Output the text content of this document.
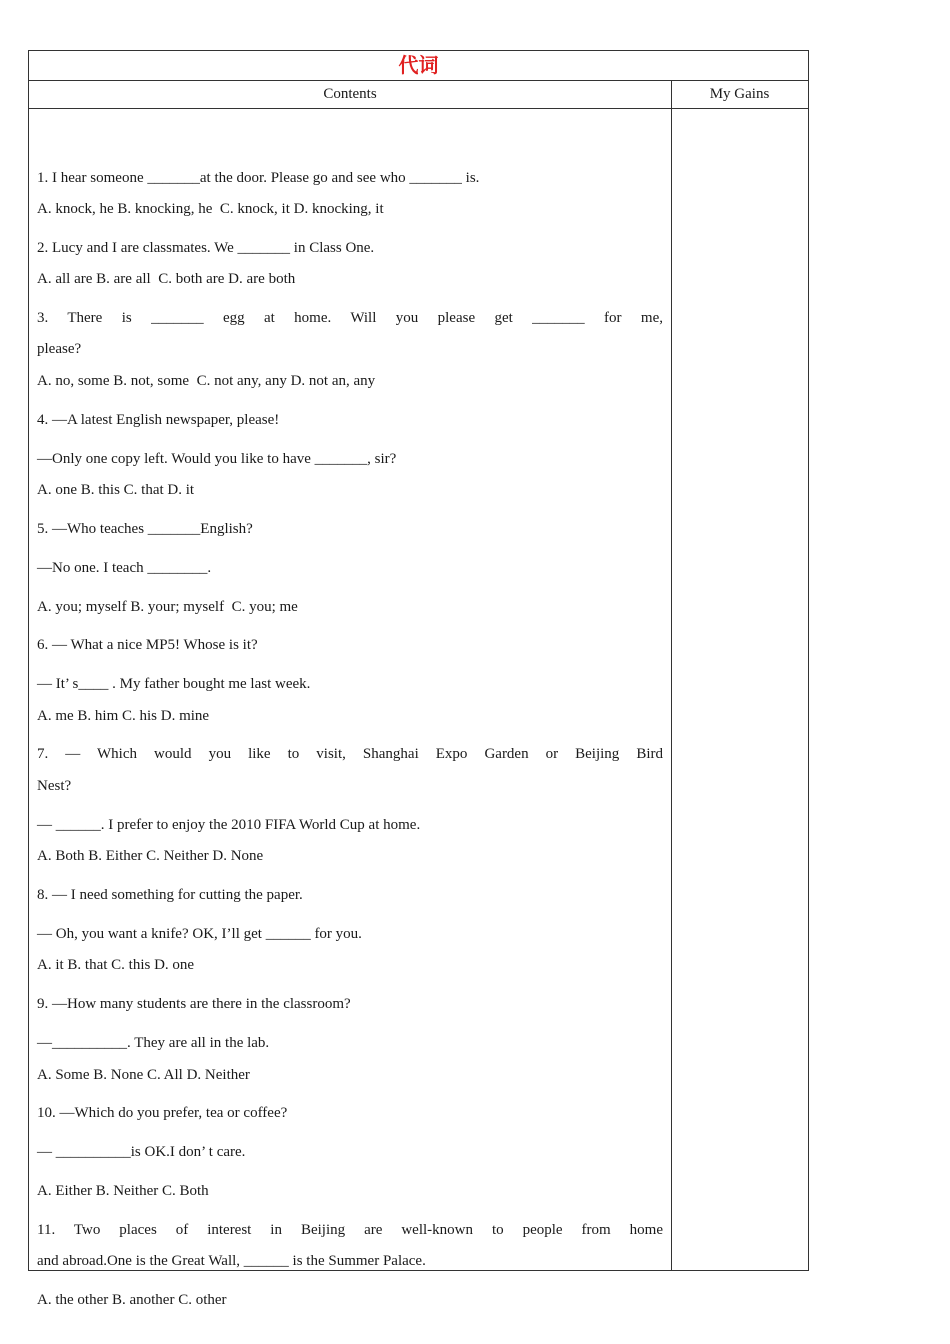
代词
Contents	My Gains
1. I hear someone _______at the door. Please go and see who _______ is.
A. knock, he B. knocking, he  C. knock, it D. knocking, it
2. Lucy and I are classmates. We _______ in Class One.
A. all are B. are all  C. both are D. are both
3. There is _______ egg at home. Will you please get _______ for me,
please?
A. no, some B. not, some  C. not any, any D. not an, any
4. —A latest English newspaper, please!
—Only one copy left. Would you like to have _______, sir?
A. one B. this C. that D. it
5. —Who teaches _______English?
—No one. I teach ________.
A. you; myself B. your; myself  C. you; me
6. — What a nice MP5! Whose is it?
— It’ s____ . My father bought me last week.
A. me B. him C. his D. mine
7. — Which would you like to visit, Shanghai Expo Garden or Beijing Bird
Nest?
— ______. I prefer to enjoy the 2010 FIFA World Cup at home.
A. Both B. Either C. Neither D. None
8. — I need something for cutting the paper.
— Oh, you want a knife? OK, I’ll get ______ for you.
A. it B. that C. this D. one
9. —How many students are there in the classroom?
—__________. They are all in the lab.
A. Some B. None C. All D. Neither
10. —Which do you prefer, tea or coffee?
— __________is OK.I don’ t care.
A. Either B. Neither C. Both
11. Two places of interest in Beijing are well-known to people from home
and abroad.One is the Great Wall, ______ is the Summer Palace.
A. the other B. another C. other
